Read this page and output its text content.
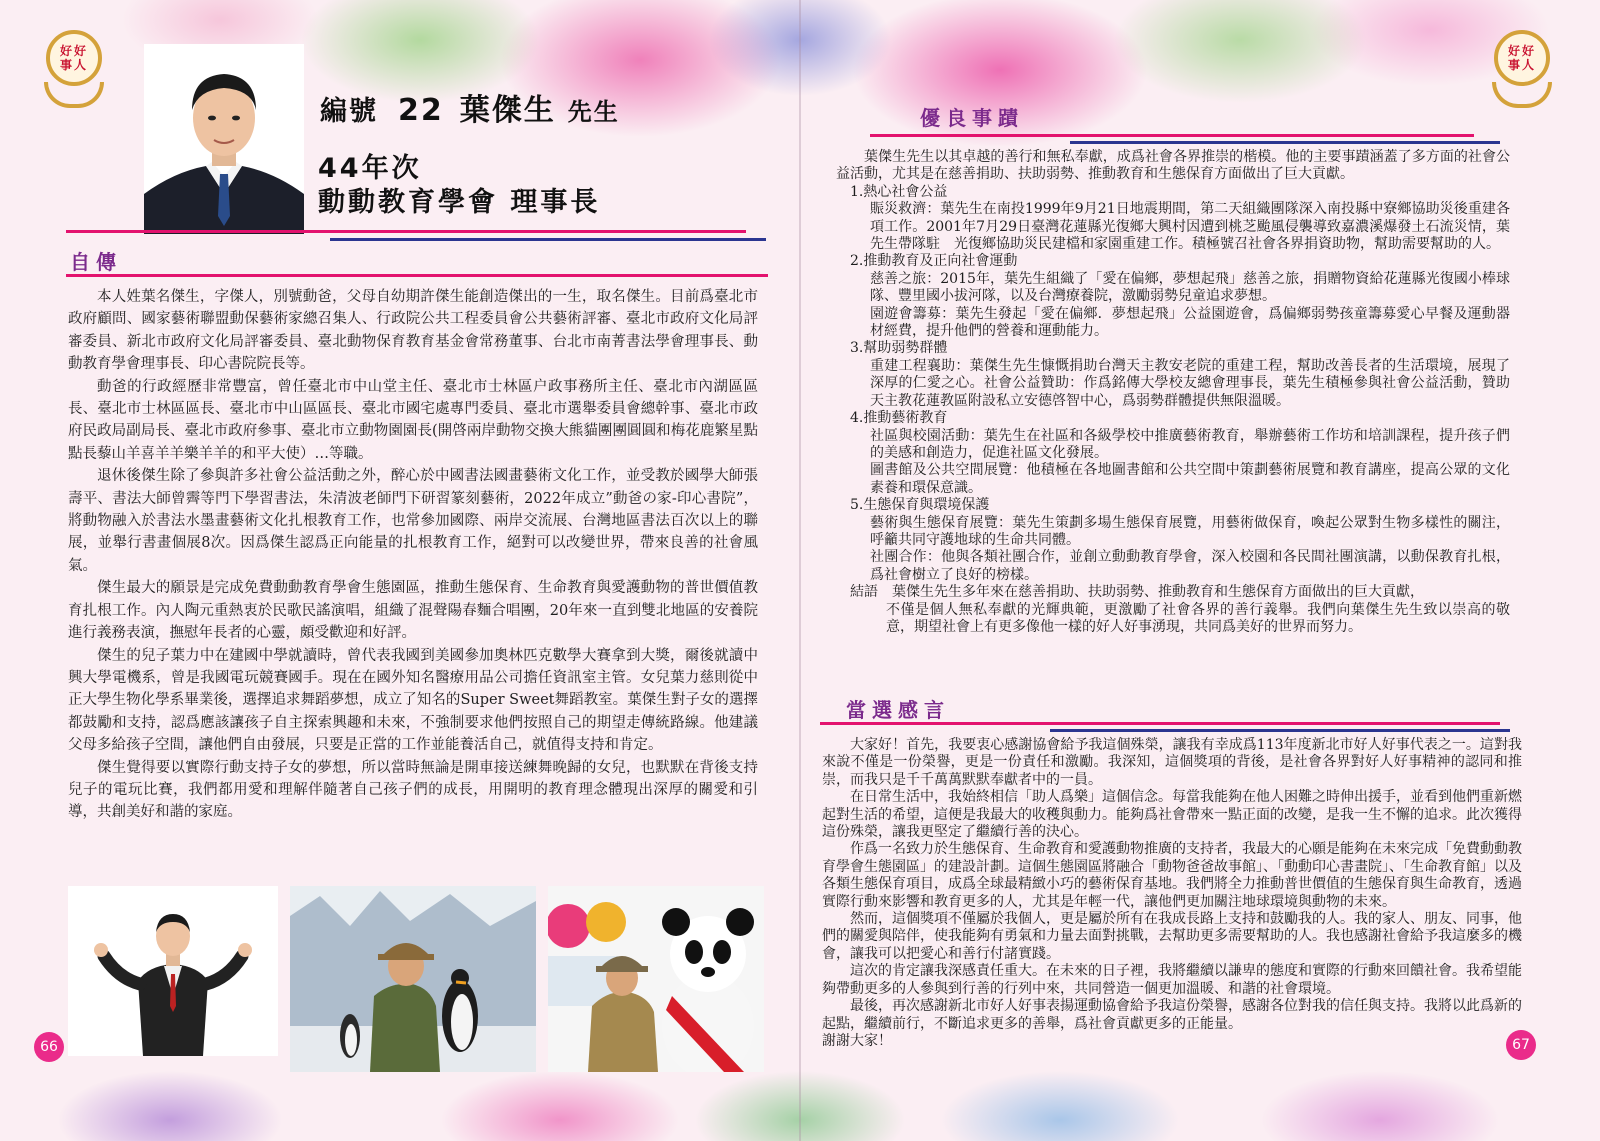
好好事人
編號 22 葉傑生 先生
44年次
動動教育學會 理事長
自傳

本人姓葉名傑生，字傑人，別號動爸，父母自幼期許傑生能創造傑出的一生，取名傑生。目前爲臺北市政府顧問、國家藝術聯盟動保藝術家總召集人、行政院公共工程委員會公共藝術評審、臺北市政府文化局評審委員、新北市政府文化局評審委員、臺北動物保育教育基金會常務董事、台北市南菁書法學會理事長、動動教育學會理事長、印心書院院長等。

動爸的行政經歷非常豐富，曾任臺北市中山堂主任、臺北市士林區户政事務所主任、臺北市內湖區區長、臺北市士林區區長、臺北市中山區區長、臺北市國宅處專門委員、臺北市選舉委員會總幹事、臺北市政府民政局副局長、臺北市政府參事、臺北市立動物園園長(開啓兩岸動物交換大熊貓團團圓圓和梅花鹿繁星點點長藜山羊喜羊羊樂羊羊的和平大使）…等職。

退休後傑生除了參與許多社會公益活動之外，醉心於中國書法國畫藝術文化工作，並受教於國學大師張壽平、書法大師曾霽等門下學習書法，朱清波老師門下研習篆刻藝術，2022年成立”動爸の家-印心書院”，將動物融入於書法水墨畫藝術文化扎根教育工作，也常參加國際、兩岸交流展、台灣地區書法百次以上的聯展，並舉行書畫個展8次。因爲傑生認爲正向能量的扎根教育工作，絕對可以改變世界，帶來良善的社會風氣。

傑生最大的願景是完成免費動動教育學會生態園區，推動生態保育、生命教育與愛護動物的普世價值教育扎根工作。內人陶元重熱衷於民歌民謠演唱，組織了混聲陽春麵合唱團，20年來一直到雙北地區的安養院進行義務表演，撫慰年長者的心靈，頗受歡迎和好評。

傑生的兒子葉力中在建國中學就讀時，曾代表我國到美國參加奧林匹克數學大賽拿到大獎，爾後就讀中興大學電機系，曾是我國電玩競賽國手。現在在國外知名醫療用品公司擔任資訊室主管。女兒葉力慈則從中正大學生物化學系畢業後，選擇追求舞蹈夢想，成立了知名的Super Sweet舞蹈教室。葉傑生對子女的選擇都鼓勵和支持，認爲應該讓孩子自主探索興趣和未來，不強制要求他們按照自己的期望走傳統路線。他建議父母多給孩子空間，讓他們自由發展，只要是正當的工作並能養活自己，就值得支持和肯定。

傑生覺得要以實際行動支持子女的夢想，所以當時無論是開車接送練舞晚歸的女兒，也默默在背後支持兒子的電玩比賽，我們都用愛和理解伴隨著自己孩子們的成長，用開明的教育理念體現出深厚的關愛和引導，共創美好和諧的家庭。

66
好好事人
優良事蹟

葉傑生先生以其卓越的善行和無私奉獻，成爲社會各界推崇的楷模。他的主要事蹟涵蓋了多方面的社會公益活動，尤其是在慈善捐助、扶助弱勢、推動教育和生態保育方面做出了巨大貢獻。

1.熱心社會公益

賑災救濟：葉先生在南投1999年9月21日地震期間，第二天組織團隊深入南投縣中寮鄉協助災後重建各項工作。2001年7月29日臺灣花蓮縣光復鄉大興村因遭到桃芝颱風侵襲導致嘉濃溪爆發土石流災情，葉先生帶隊駐　光復鄉協助災民建檔和家園重建工作。積極號召社會各界捐資助物，幫助需要幫助的人。

2.推動教育及正向社會運動

慈善之旅：2015年，葉先生組織了「愛在偏鄉，夢想起飛」慈善之旅，捐贈物資給花蓮縣光復國小棒球隊、豐里國小拔河隊，以及台灣療養院，激勵弱勢兒童追求夢想。

園遊會籌募：葉先生發起「愛在偏鄉．夢想起飛」公益園遊會，爲偏鄉弱勢孩童籌募愛心早餐及運動器材經費，提升他們的營養和運動能力。

3.幫助弱勢群體

重建工程襄助：葉傑生先生慷慨捐助台灣天主教安老院的重建工程，幫助改善長者的生活環境，展現了深厚的仁愛之心。社會公益贊助：作爲銘傳大學校友總會理事長，葉先生積極參與社會公益活動，贊助天主教花蓮教區附設私立安德啓智中心，爲弱勢群體提供無限溫暖。

4.推動藝術教育

社區與校園活動：葉先生在社區和各級學校中推廣藝術教育，舉辦藝術工作坊和培訓課程，提升孩子們的美感和創造力，促進社區文化發展。

圖書館及公共空間展覽：他積極在各地圖書館和公共空間中策劃藝術展覽和教育講座，提高公眾的文化素養和環保意識。

5.生態保育與環境保護

藝術與生態保育展覽：葉先生策劃多場生態保育展覽，用藝術做保育，喚起公眾對生物多樣性的關注，呼籲共同守護地球的生命共同體。

社團合作：他與各類社團合作，並創立動動教育學會，深入校園和各民間社團演講，以動保教育扎根，爲社會樹立了良好的榜樣。

結語　 葉傑生先生多年來在慈善捐助、扶助弱勢、推動教育和生態保育方面做出的巨大貢獻，

不僅是個人無私奉獻的光輝典範，更激勵了社會各界的善行義舉。我們向葉傑生先生致以崇高的敬意，期望社會上有更多像他一樣的好人好事湧現，共同爲美好的世界而努力。

當選感言

大家好！首先，我要衷心感謝協會給予我這個殊榮，讓我有幸成爲113年度新北市好人好事代表之一。這對我來說不僅是一份榮譽，更是一份責任和激勵。我深知，這個獎項的背後，是社會各界對好人好事精神的認同和推崇，而我只是千千萬萬默默奉獻者中的一員。

在日常生活中，我始終相信「助人爲樂」這個信念。每當我能夠在他人困難之時伸出援手，並看到他們重新燃起對生活的希望，這便是我最大的收穫與動力。能夠爲社會帶來一點正面的改變，是我一生不懈的追求。此次獲得這份殊榮，讓我更堅定了繼續行善的決心。

作爲一名致力於生態保育、生命教育和愛護動物推廣的支持者，我最大的心願是能夠在未來完成「免費動動教育學會生態園區」的建設計劃。這個生態園區將融合「動物爸爸故事館」、「動動印心書畫院」、「生命教育館」以及各類生態保育項目，成爲全球最精緻小巧的藝術保育基地。我們將全力推動普世價值的生態保育與生命教育，透過實際行動來影響和教育更多的人，尤其是年輕一代，讓他們更加關注地球環境與動物的未來。

然而，這個獎項不僅屬於我個人，更是屬於所有在我成長路上支持和鼓勵我的人。我的家人、朋友、同事，他們的關愛與陪伴，使我能夠有勇氣和力量去面對挑戰，去幫助更多需要幫助的人。我也感謝社會給予我這麼多的機會，讓我可以把愛心和善行付諸實踐。

這次的肯定讓我深感責任重大。在未來的日子裡，我將繼續以謙卑的態度和實際的行動來回饋社會。我希望能夠帶動更多的人參與到行善的行列中來，共同營造一個更加溫暖、和諧的社會環境。

最後，再次感謝新北市好人好事表揚運動協會給予我這份榮譽，感謝各位對我的信任與支持。我將以此爲新的起點，繼續前行，不斷追求更多的善舉，爲社會貢獻更多的正能量。

謝謝大家！	67
